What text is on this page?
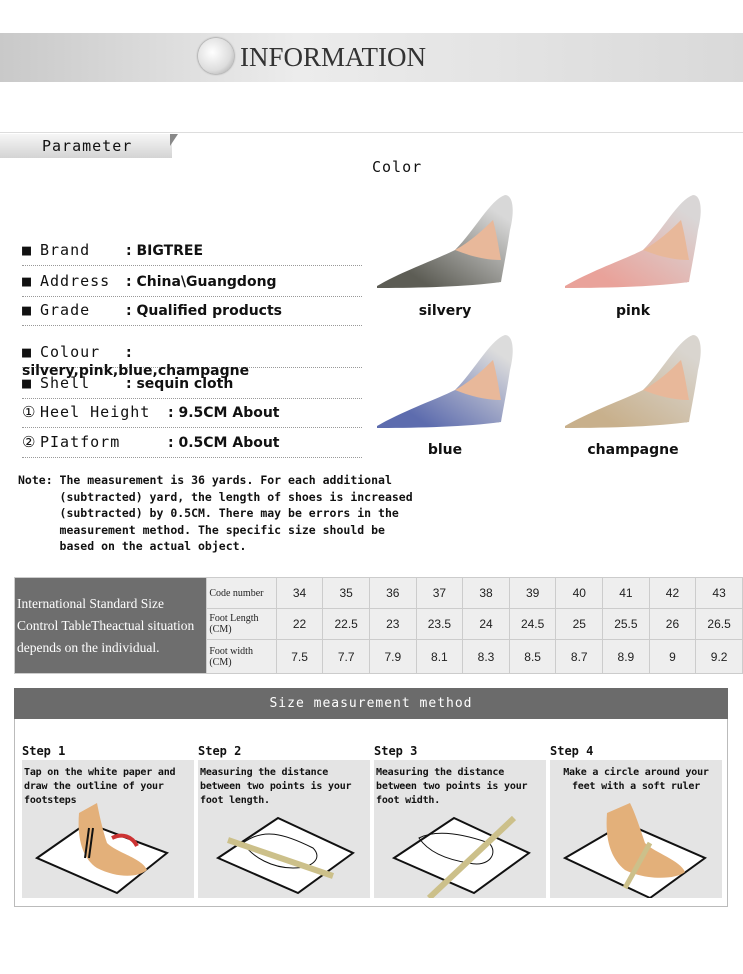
INFORMATION
Parameter
Color
Note: The measurement is 36 yards. For each additional
(subtracted) yard, the length of shoes is increased
(subtracted) by 0.5CM. There may be errors in the
measurement method. The specific size should be
based on the actual object.
International Standard Size
Control TableTheactual situation
depends on the individual.	Code number	34	35	36	37	38	39	40	41	42	43
	Foot Length (CM)	22	22.5	23	23.5	24	24.5	25	25.5	26	26.5
	Foot width (CM)	7.5	7.7	7.9	8.1	8.3	8.5	8.7	8.9	9	9.2
Size measurement method
■ Brand	: BIGTREE
■ Address : China\Guangdong
■ Grade	: Qualified products
■ Colour : silvery,pink,blue,champagne
■ Shell	: sequin cloth
① Heel Height : 9.5CM About
② PIatform	: 0.5CM About
silvery	pink
blue	champagne
Step 1
Tap on the white paper and draw the outline of your footsteps
Step 2
Measuring the distance between two points is your foot length.
Step 3
Measuring the distance between two points is your foot width.
Step 4
Make a circle around your feet with a soft ruler
